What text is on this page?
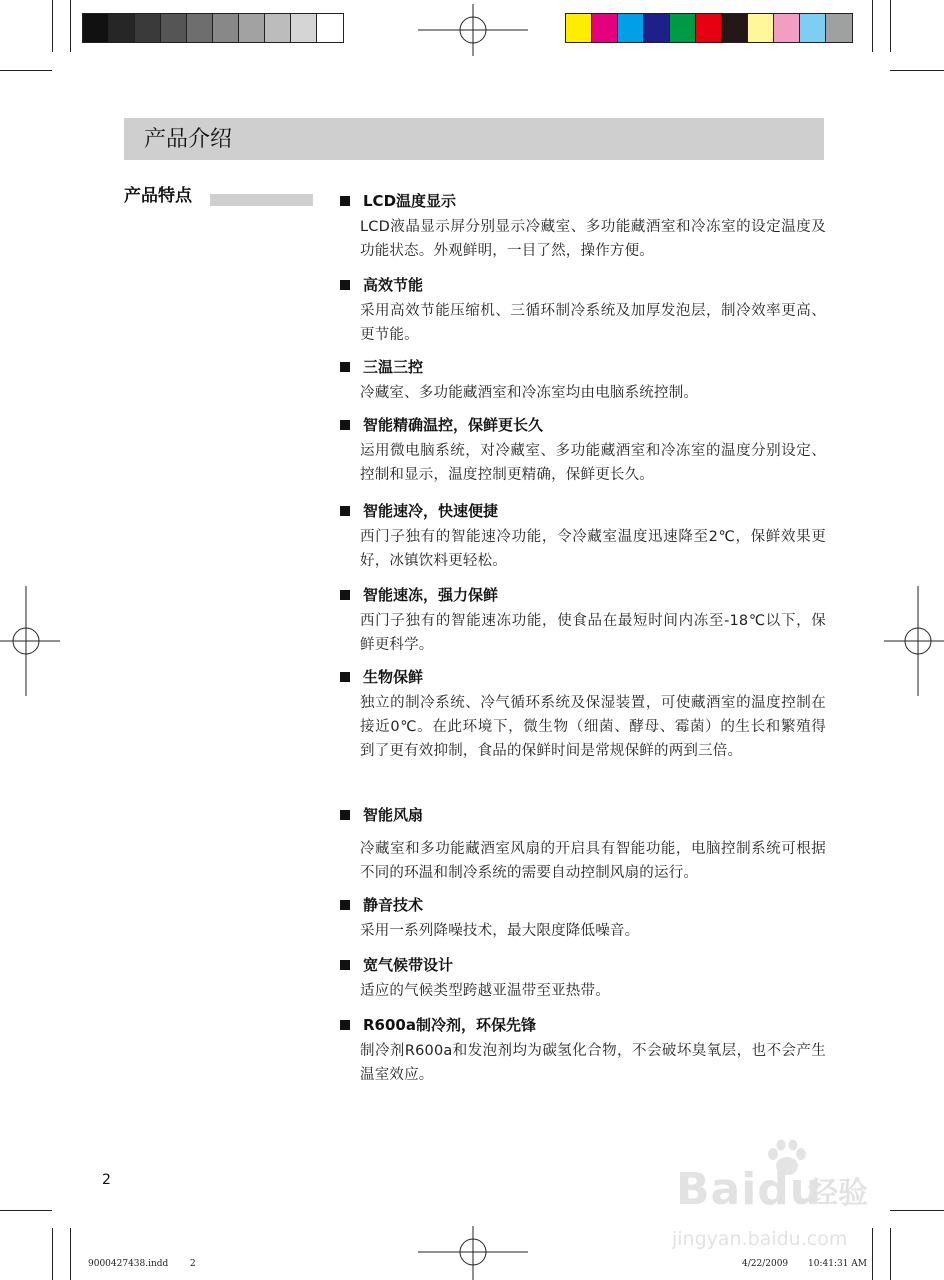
产品介绍
产品特点	LCD温度显示
LCD液晶显示屏分别显示冷藏室、多功能藏酒室和冷冻室的设定温度及功能状态。外观鲜明，一目了然，操作方便。
高效节能
采用高效节能压缩机、三循环制冷系统及加厚发泡层，制冷效率更高、更节能。
三温三控
冷藏室、多功能藏酒室和冷冻室均由电脑系统控制。
智能精确温控，保鲜更长久
运用微电脑系统，对冷藏室、多功能藏酒室和冷冻室的温度分别设定、控制和显示，温度控制更精确，保鲜更长久。
智能速冷，快速便捷
西门子独有的智能速冷功能，令冷藏室温度迅速降至2℃，保鲜效果更好，冰镇饮料更轻松。
智能速冻，强力保鲜
西门子独有的智能速冻功能，使食品在最短时间内冻至-18℃以下，保鲜更科学。
生物保鲜
独立的制冷系统、冷气循环系统及保湿装置，可使藏酒室的温度控制在接近0℃。在此环境下，微生物（细菌、酵母、霉菌）的生长和繁殖得到了更有效抑制，食品的保鲜时间是常规保鲜的两到三倍。
智能风扇
冷藏室和多功能藏酒室风扇的开启具有智能功能，电脑控制系统可根据不同的环温和制冷系统的需要自动控制风扇的运行。
静音技术
采用一系列降噪技术，最大限度降低噪音。
宽气候带设计
适应的气候类型跨越亚温带至亚热带。
R600a制冷剂，环保先锋
制冷剂R600a和发泡剂均为碳氢化合物，不会破坏臭氧层，也不会产生温室效应。
2
9000427438.indd 2	4/22/2009 10:41:31 AM
Baidu
经验
jingyan.baidu.com
